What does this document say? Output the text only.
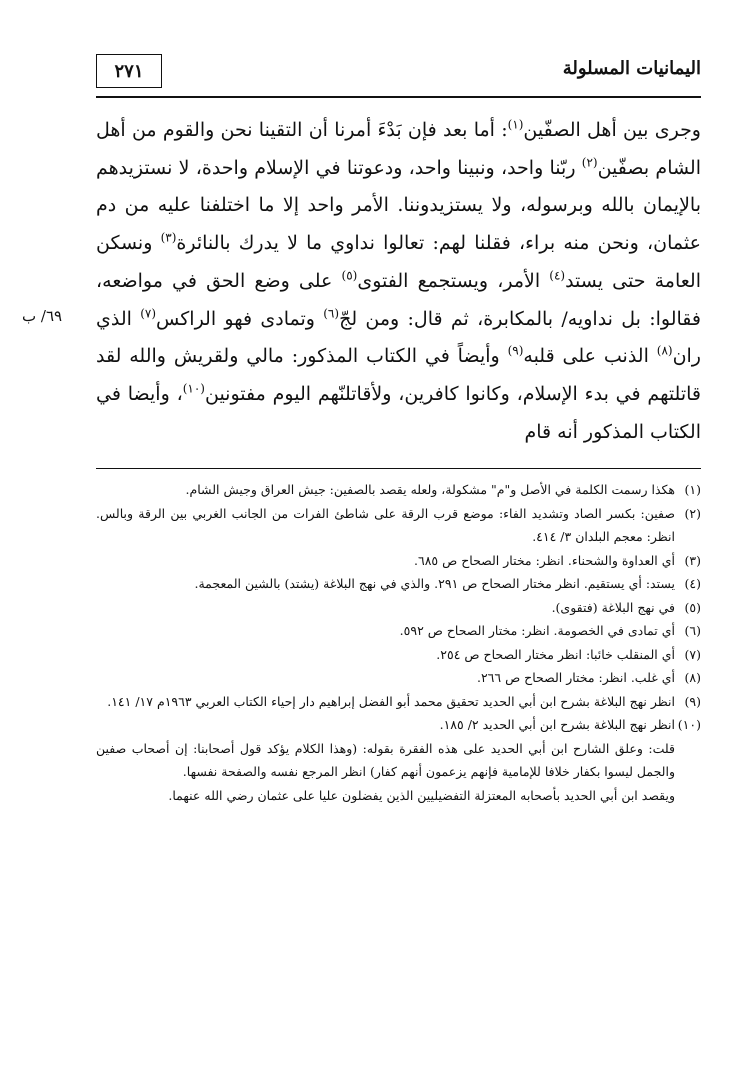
٢٧١	اليمانيات المسلولة
٦٩/ ب

وجرى بين أهل الصفّين$^{(١)}$: أما بعد فإن بَدْءَ أمرنا أن التقينا نحن والقوم من أهل الشام بصفّين$^{(٢)}$ ربّنا واحد، ونبينا واحد، ودعوتنا في الإسلام واحدة، لا نستزيدهم بالإيمان بالله وبرسوله، ولا يستزيدوننا. الأمر واحد إلا ما اختلفنا عليه من دم عثمان، ونحن منه براء، فقلنا لهم: تعالوا نداوي ما لا يدرك بالنائرة$^{(٣)}$ ونسكن العامة حتى يستد$^{(٤)}$ الأمر، ويستجمع الفتوى$^{(٥)}$ على وضع الحق في مواضعه، فقالوا: بل نداويه/ بالمكابرة، ثم قال: ومن لجّ$^{(٦)}$ وتمادى فهو الراكس$^{(٧)}$ الذي ران$^{(٨)}$ الذنب على قلبه$^{(٩)}$ وأيضاً في الكتاب المذكور: مالي ولقريش والله لقد قاتلتهم في بدء الإسلام، وكانوا كافرين، ولأقاتلنّهم اليوم مفتونين$^{(١٠)}$، وأيضا في الكتاب المذكور أنه قام

(١)
هكذا رسمت الكلمة في الأصل و"م" مشكولة، ولعله يقصد بالصفين: جيش العراق وجيش الشام.
(٢)
صفين: بكسر الصاد وتشديد الفاء: موضع قرب الرقة على شاطئ الفرات من الجانب الغربي بين الرقة وبالس. انظر: معجم البلدان ٣/ ٤١٤.
(٣)
أي العداوة والشحناء. انظر: مختار الصحاح ص ٦٨٥.
(٤)
يستد: أي يستقيم. انظر مختار الصحاح ص ٢٩١. والذي في نهج البلاغة (يشتد) بالشين المعجمة.
(٥)
في نهج البلاغة (فتقوى).
(٦)
أي تمادى في الخصومة. انظر: مختار الصحاح ص ٥٩٢.
(٧)
أي المنقلب خائبا: انظر مختار الصحاح ص ٢٥٤.
(٨)
أي غلب. انظر: مختار الصحاح ص ٢٦٦.
(٩)
انظر نهج البلاغة بشرح ابن أبي الحديد تحقيق محمد أبو الفضل إبراهيم دار إحياء الكتاب العربي ١٩٦٣م ١٧/ ١٤١.
(١٠)
انظر نهج البلاغة بشرح ابن أبي الحديد ٢/ ١٨٥.

قلت: وعلق الشارح ابن أبي الحديد على هذه الفقرة بقوله: (وهذا الكلام يؤكد قول أصحابنا: إن أصحاب صفين والجمل ليسوا بكفار خلافا للإمامية فإنهم يزعمون أنهم كفار) انظر المرجع نفسه والصفحة نفسها.

ويقصد ابن أبي الحديد بأصحابه المعتزلة التفضيليين الذين يفضلون عليا على عثمان رضي الله عنهما.
